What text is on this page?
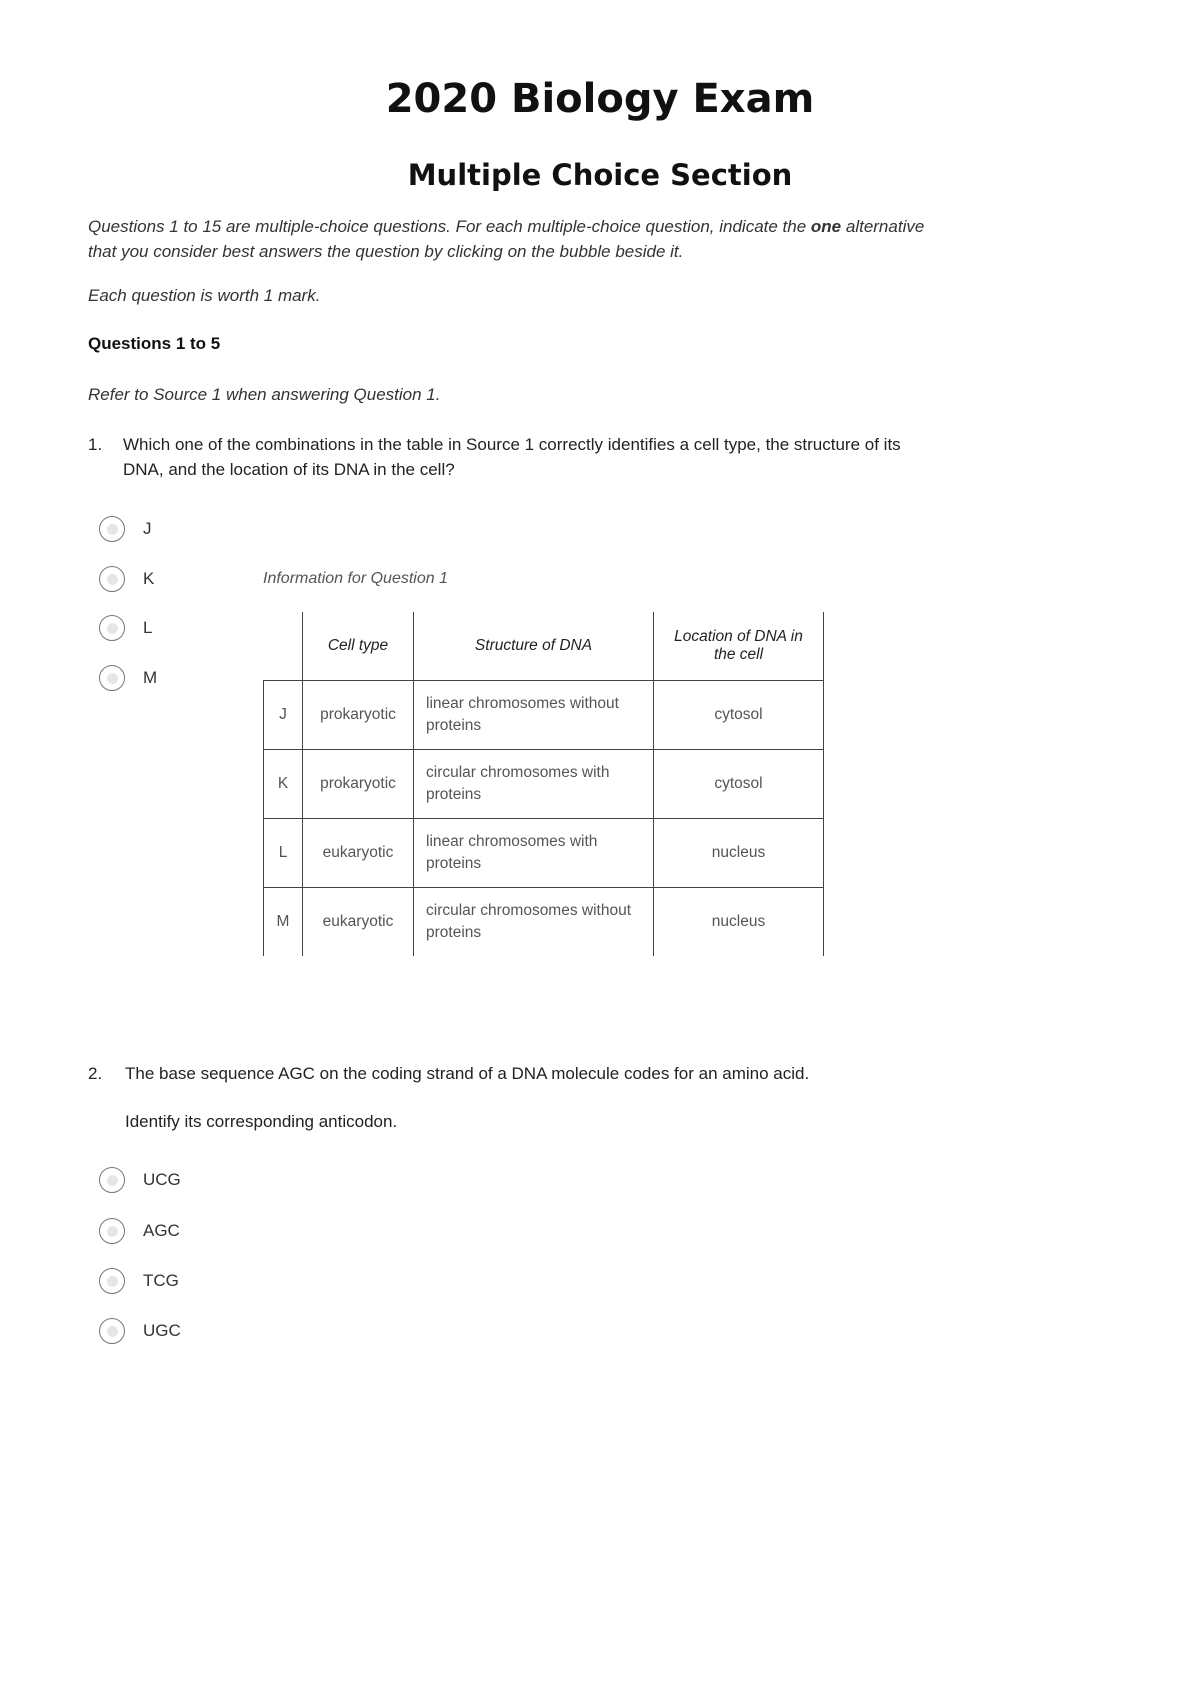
2020 Biology Exam
Multiple Choice Section
Questions 1 to 15 are multiple-choice questions. For each multiple-choice question, indicate the one alternative
that you consider best answers the question by clicking on the bubble beside it.
Each question is worth 1 mark.
Questions 1 to 5
Refer to Source 1 when answering Question 1.
1. Which one of the combinations in the table in Source 1 correctly identifies a cell type, the structure of its
DNA, and the location of its DNA in the cell?
J
K
L
M
Information for Question 1
	Cell type	Structure of DNA	Location of DNA in the cell
J	prokaryotic	linear chromosomes without proteins	cytosol
K	prokaryotic	circular chromosomes with proteins	cytosol
L	eukaryotic	linear chromosomes with proteins	nucleus
M	eukaryotic	circular chromosomes without proteins	nucleus
2. The base sequence AGC on the coding strand of a DNA molecule codes for an amino acid.
Identify its corresponding anticodon.
UCG
AGC
TCG
UGC
